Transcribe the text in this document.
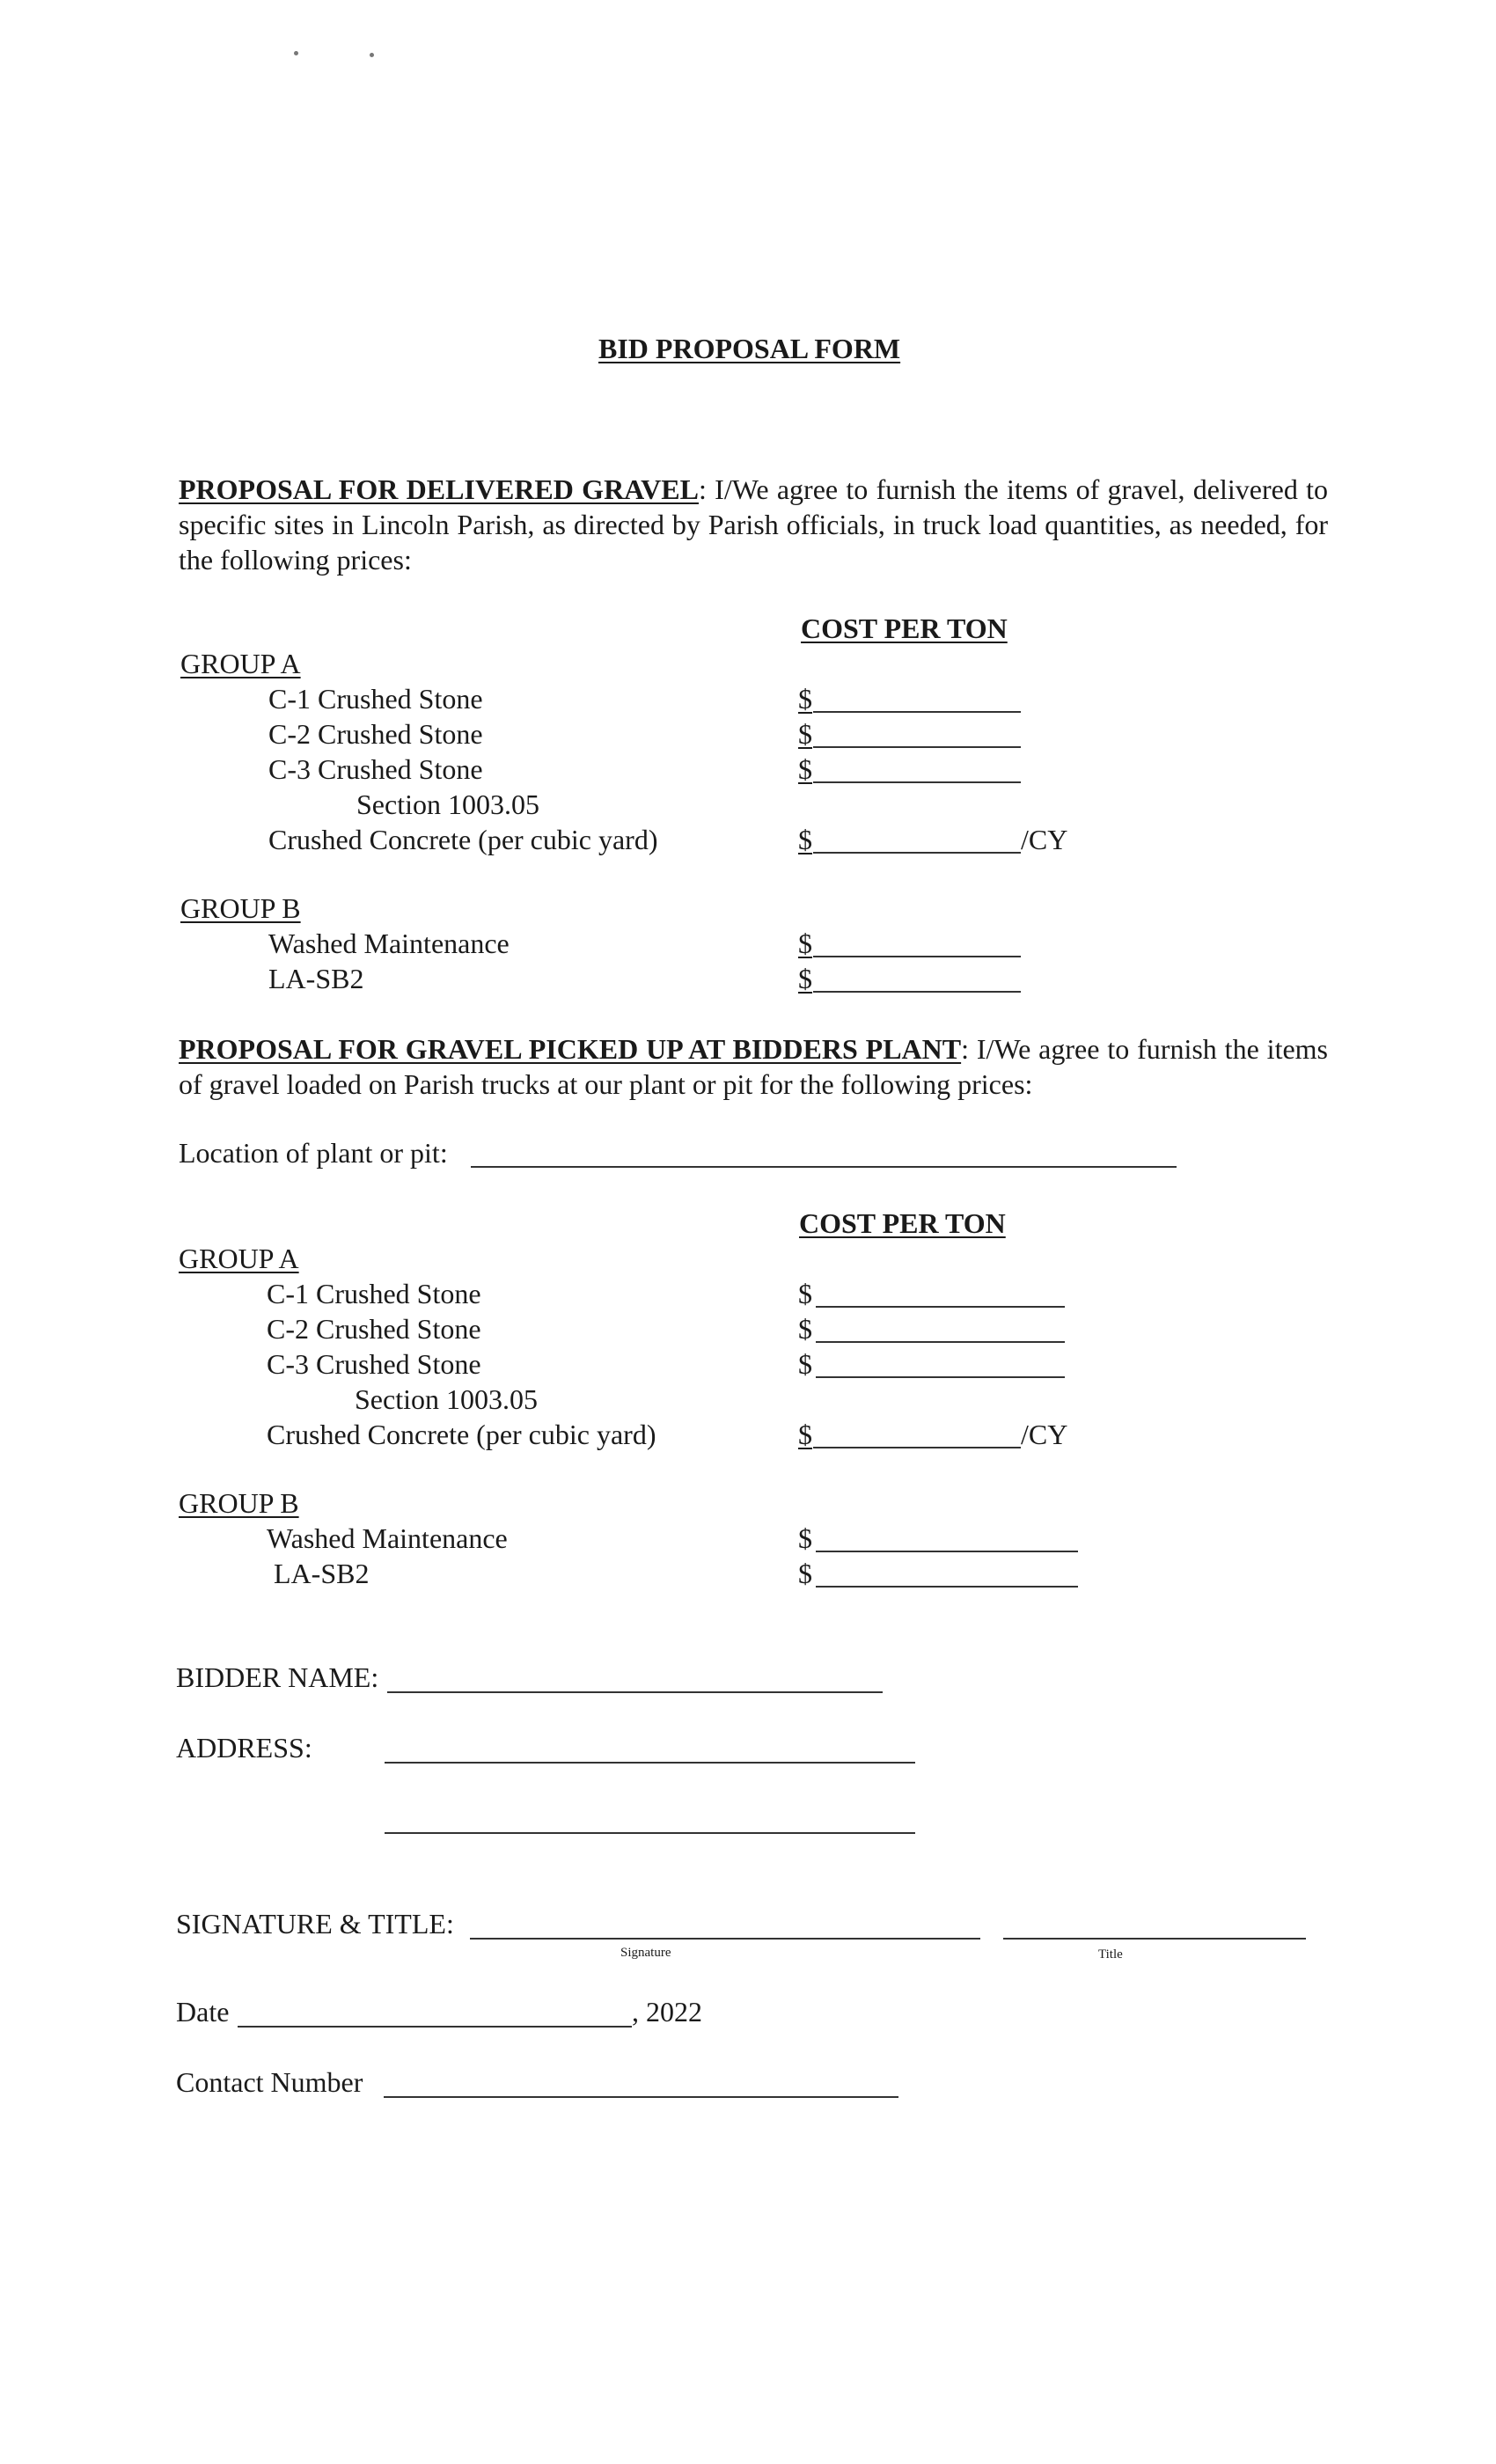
BID PROPOSAL FORM
PROPOSAL FOR DELIVERED GRAVEL: I/We agree to furnish the items of gravel, delivered to specific sites in Lincoln Parish, as directed by Parish officials, in truck load quantities, as needed, for the following prices:
COST PER TON
GROUP A
C-1 Crushed Stone	$
C-2 Crushed Stone	$
C-3 Crushed Stone	$
Section 1003.05
Crushed Concrete (per cubic yard)	$	/CY
GROUP B
Washed Maintenance	$
LA-SB2	$
PROPOSAL FOR GRAVEL PICKED UP AT BIDDERS PLANT: I/We agree to furnish the items of gravel loaded on Parish trucks at our plant or pit for the following prices:
Location of plant or pit:
COST PER TON
GROUP A
C-1 Crushed Stone	$
C-2 Crushed Stone	$
C-3 Crushed Stone	$
Section 1003.05
Crushed Concrete (per cubic yard)	$	/CY
GROUP B
Washed Maintenance	$
LA-SB2	$
BIDDER NAME:
ADDRESS:
SIGNATURE & TITLE:
Signature	Title
Date	, 2022
Contact Number
